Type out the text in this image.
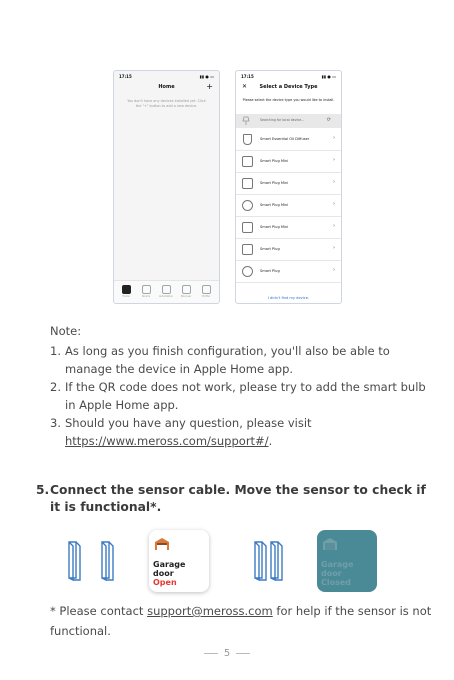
17:15	▮▮ ● ▭
Home	+
You don't have any devices installed yet. Click the "+" button to add a new device.
Home	Rooms	Automation	Discover	Profile
17:15	▮▮ ● ▭
✕ Select a Device Type
Please select the device type you would like to install.
Searching for local device...	⟳
Smart Essential Oil Diffuser	›
Smart Plug Mini	›
Smart Plug Mini	›
Smart Plug Mini	›
Smart Plug Mini	›
Smart Plug	›
Smart Plug	›
I didn't find my device.
Note:
1. As long as you finish configuration, you'll also be able to manage the device in Apple Home app.
2. If the QR code does not work, please try to add the smart bulb in Apple Home app.
3. Should you have any question, please visit
https://www.meross.com/support#/.
5. Connect the sensor cable. Move the sensor to check if it is functional*.
Garage
door
Open
Garage
door
Closed
* Please contact support@meross.com for help if the sensor is not functional.
5
